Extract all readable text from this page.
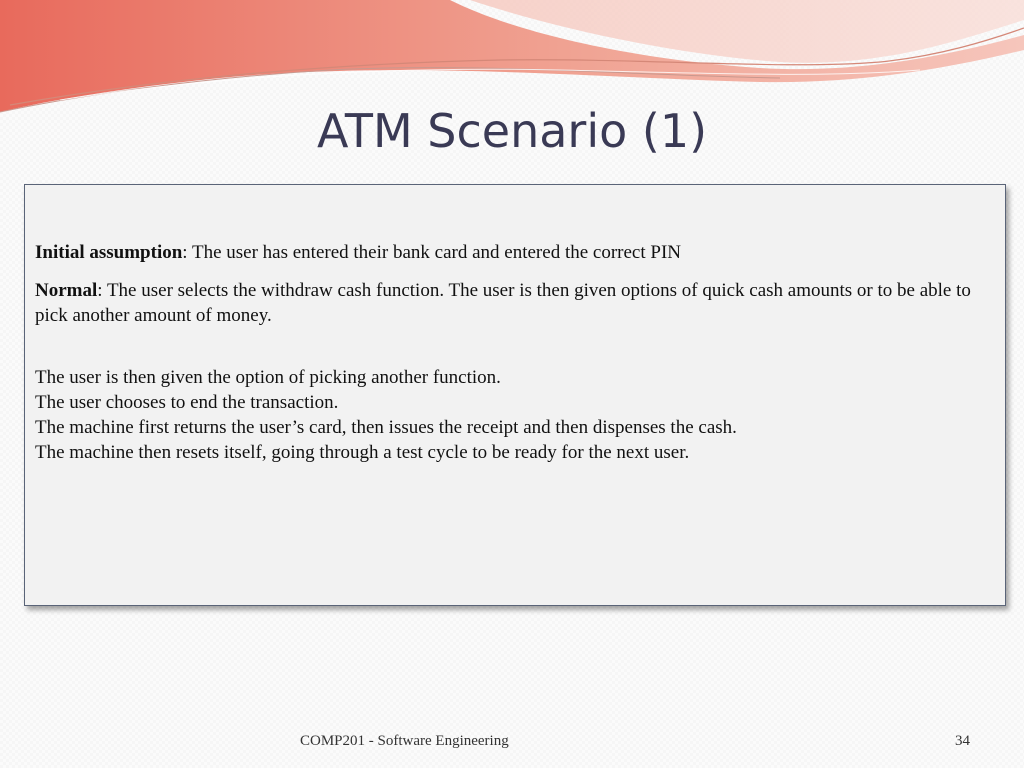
ATM Scenario (1)

Initial assumption: The user has entered their bank card and entered the correct PIN

Normal: The user selects the withdraw cash function. The user is then given options of quick cash amounts or to be able to pick another amount of money.

The user is then given the option of picking another function.
The user chooses to end the transaction.
The machine first returns the user’s card, then issues the receipt and then dispenses the cash.
The machine then resets itself, going through a test cycle to be ready for the next user.
COMP201 - Software Engineering	34
